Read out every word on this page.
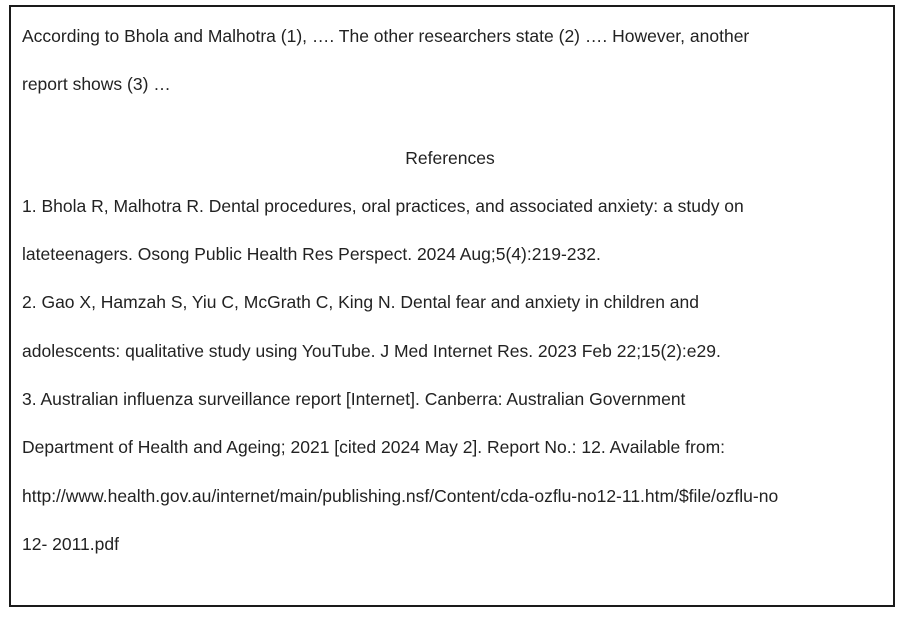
According to Bhola and Malhotra (1), …. The other researchers state (2) …. However, another
report shows (3) …
References
1. Bhola R, Malhotra R. Dental procedures, oral practices, and associated anxiety: a study on
lateteenagers. Osong Public Health Res Perspect. 2024 Aug;5(4):219-232.
2. Gao X, Hamzah S, Yiu C, McGrath C, King N. Dental fear and anxiety in children and
adolescents: qualitative study using YouTube. J Med Internet Res. 2023 Feb 22;15(2):e29.
3. Australian influenza surveillance report [Internet]. Canberra: Australian Government
Department of Health and Ageing; 2021 [cited 2024 May 2]. Report No.: 12. Available from:
http://www.health.gov.au/internet/main/publishing.nsf/Content/cda-ozflu-no12-11.htm/$file/ozflu-no
12- 2011.pdf
